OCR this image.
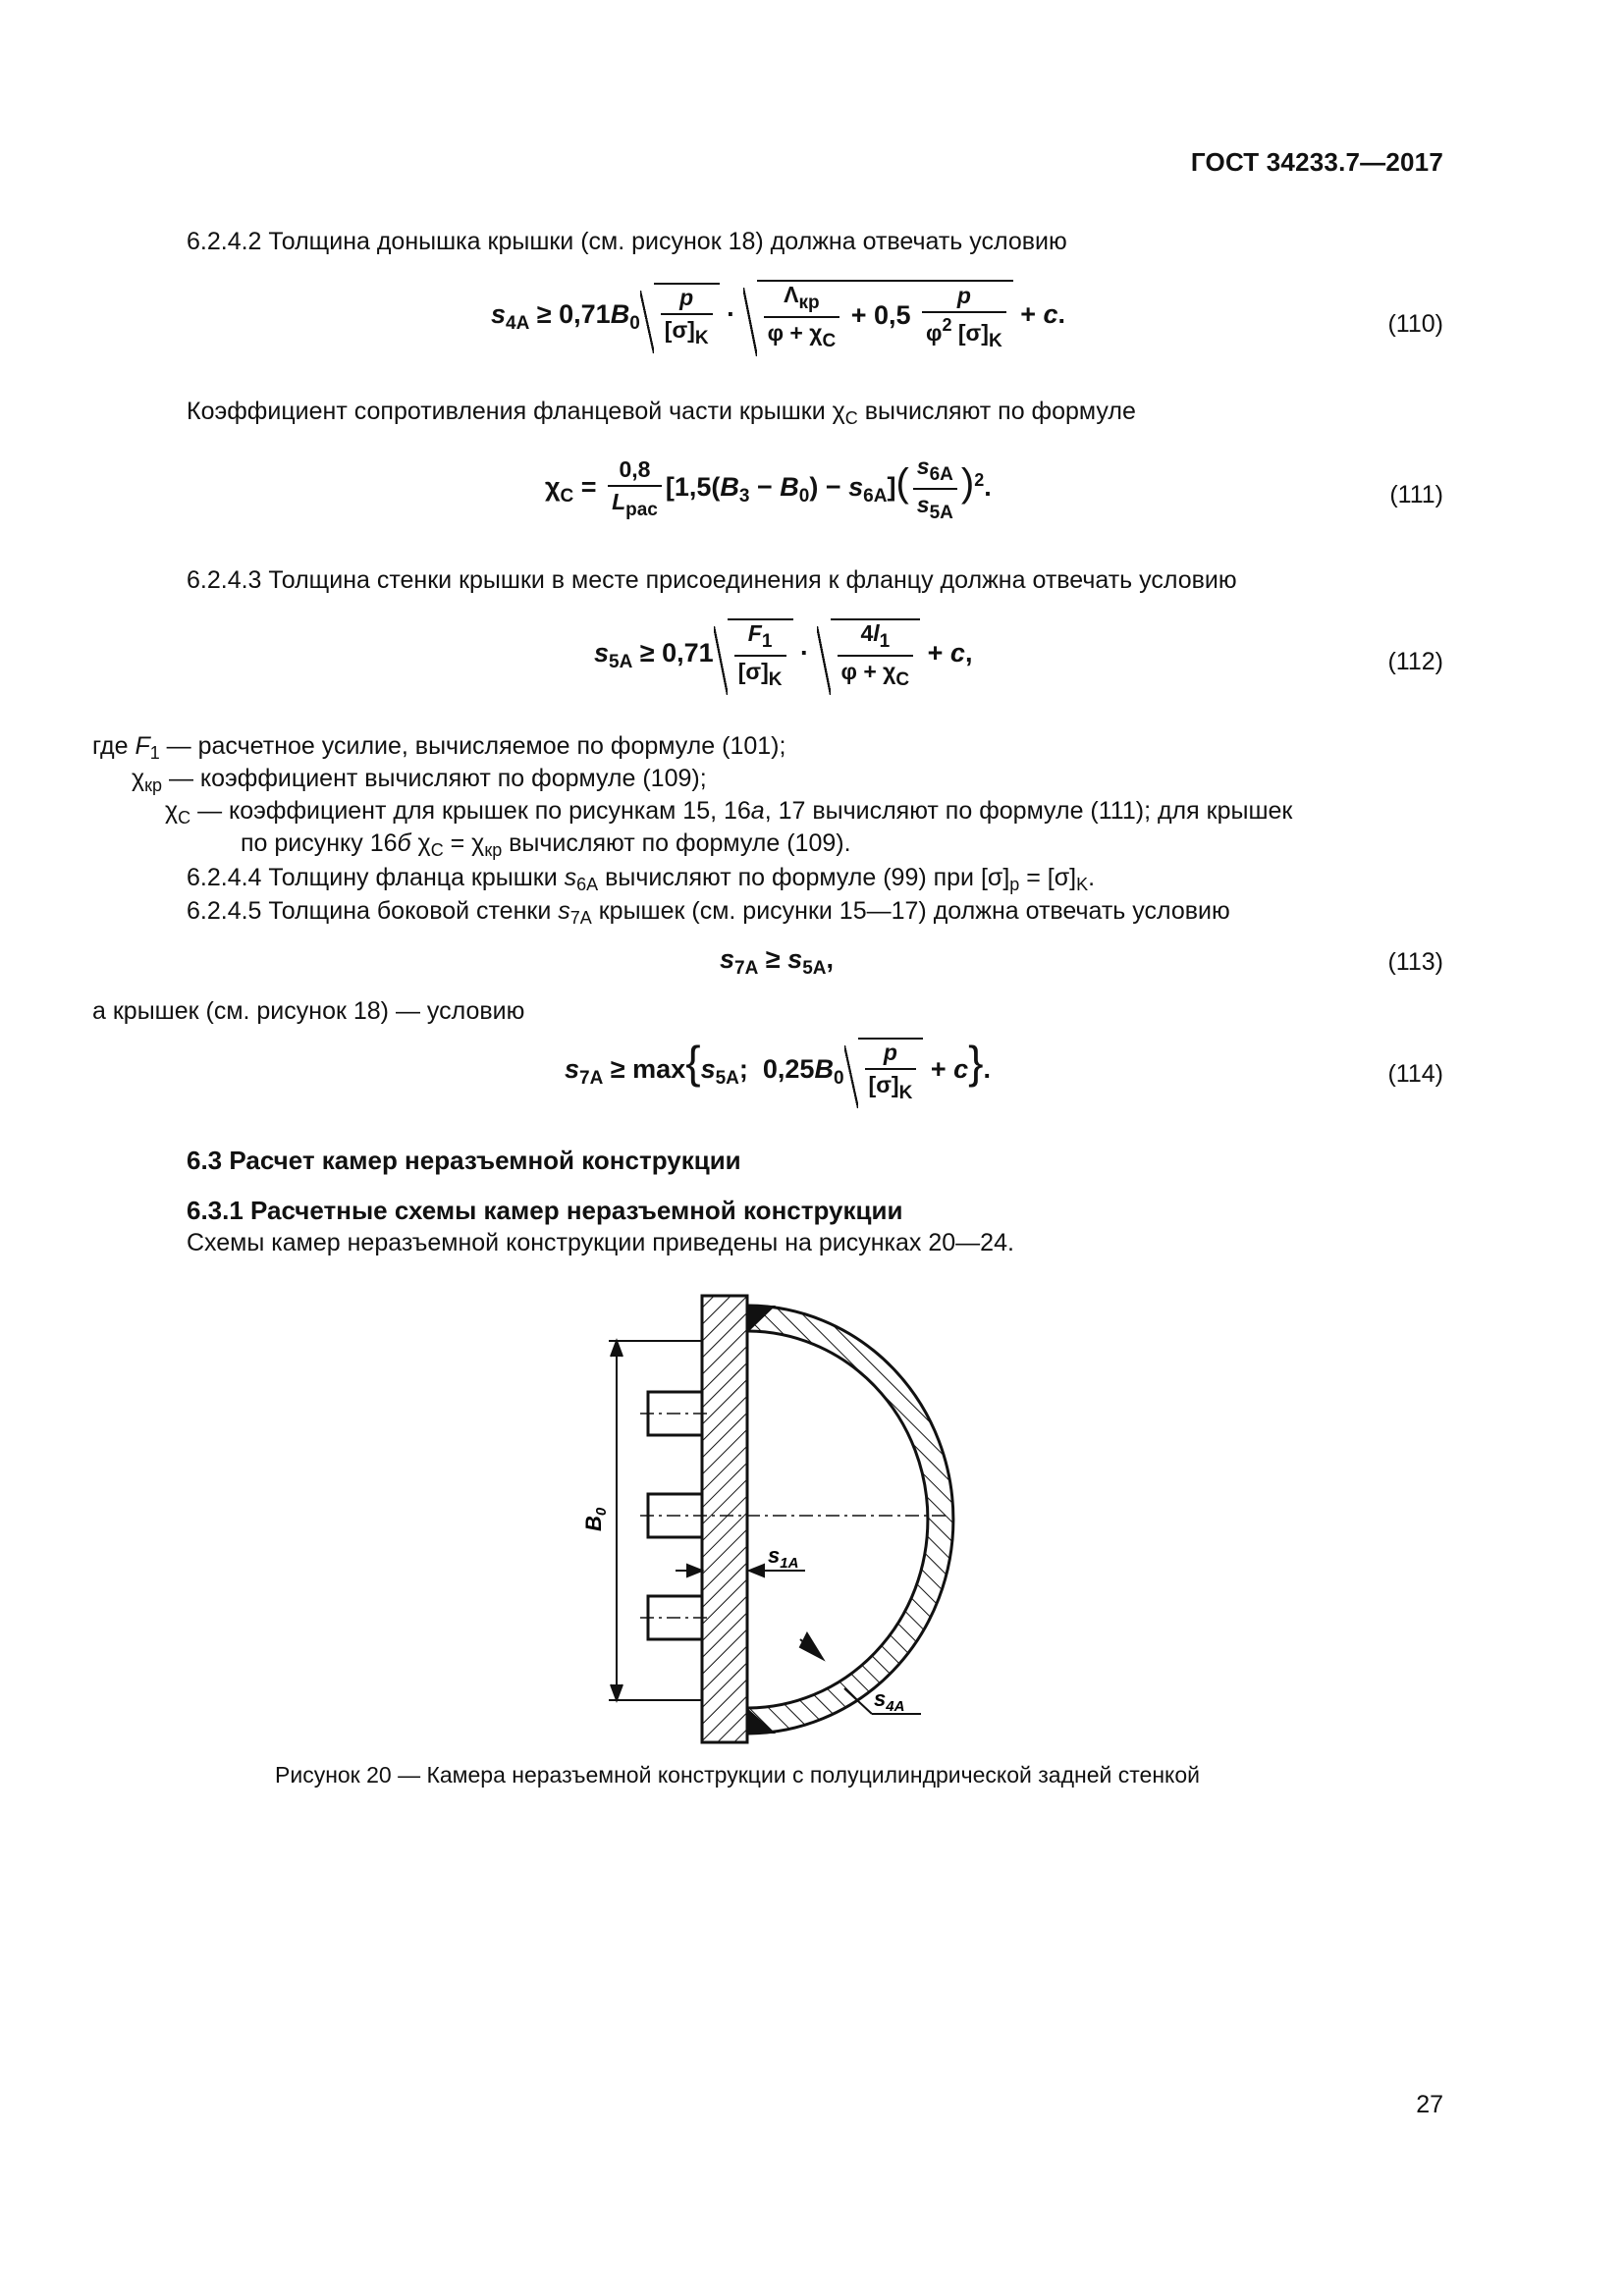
ГОСТ 34233.7—2017
6.2.4.2 Толщина донышка крышки (см. рисунок 18) должна отвечать условию
$s_{4A} \ge 0,71B_0 \frac{p}{[\sigma]_K} \cdot \frac{\Lambda_{кр}}{\varphi + \chi_C} + 0,5 \frac{p}{\varphi^2 [\sigma]_K} + c$.	(110)
Коэффициент сопротивления фланцевой части крышки $\chi_C$ вычисляют по формуле
$\chi_C = \frac{0,8}{L_{рас}} [1,5(B_3 - B_0) - s_{6A}]( \frac{s_{6A}}{s_{5A}} )^2$.	(111)
6.2.4.3 Толщина стенки крышки в месте присоединения к фланцу должна отвечать условию
$s_{5A} \ge 0,71 \frac{F_1}{[\sigma]_K} \cdot \frac{4l_1}{\varphi + \chi_C} + c$,	(112)
где $F_1$ — расчетное усилие, вычисляемое по формуле (101);
$\chi_{кр}$ — коэффициент вычисляют по формуле (109);
$\chi_C$ — коэффициент для крышек по рисункам 15, 16а, 17 вычисляют по формуле (111); для крышек
по рисунку 16б $\chi_C = \chi_{кр}$ вычисляют по формуле (109).
6.2.4.4 Толщину фланца крышки $s_{6A}$ вычисляют по формуле (99) при $[\sigma]_р = [\sigma]_K$.
6.2.4.5 Толщина боковой стенки $s_{7A}$ крышек (см. рисунки 15—17) должна отвечать условию
$s_{7A} \ge s_{5A}$,	(113)
а крышек (см. рисунок 18) — условию
$s_{7A} \ge \max\{s_{5A}$;  $0,25B_0 \frac{p}{[\sigma]_K} + c$}.	(114)
6.3 Расчет камер неразъемной конструкции
6.3.1 Расчетные схемы камер неразъемной конструкции
Схемы камер неразъемной конструкции приведены на рисунках 20—24.
$B_0$
$s_{1A}$
$s_{4A}$
Рисунок 20 — Камера неразъемной конструкции с полуцилиндрической задней стенкой
27
